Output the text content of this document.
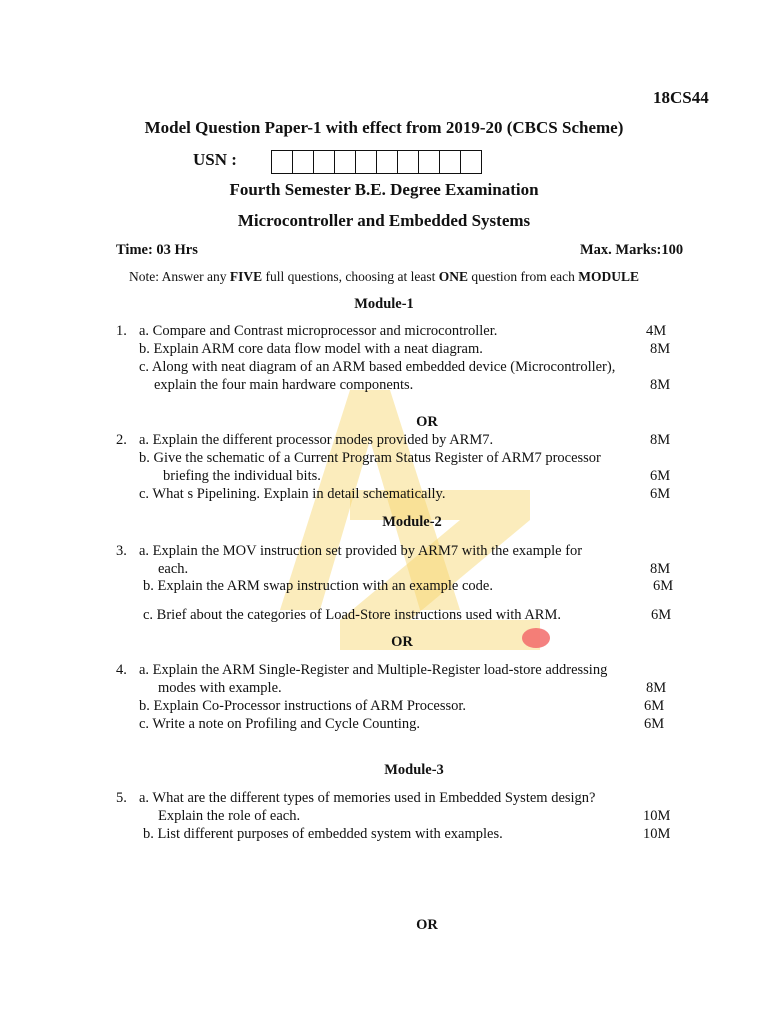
18CS44
Model Question Paper-1 with effect from 2019-20 (CBCS Scheme)
USN :
Fourth Semester B.E. Degree Examination
Microcontroller and Embedded Systems
Time: 03 Hrs	Max. Marks:100
Note: Answer any FIVE full questions, choosing at least ONE question from each MODULE
Module-1
1. a. Compare and Contrast microprocessor and microcontroller.	4M
b. Explain ARM core data flow model with a neat diagram.	8M
c. Along with neat diagram of an ARM based embedded device (Microcontroller),
explain the four main hardware components.	8M
OR
2. a. Explain the different processor modes provided by ARM7.	8M
b. Give the schematic of a Current Program Status Register of ARM7 processor
briefing the individual bits.	6M
c. What s Pipelining. Explain in detail schematically.	6M
Module-2
3. a. Explain the MOV instruction set provided by ARM7 with the example for
each.	8M
b. Explain the ARM swap instruction with an example code.	6M
c. Brief about the categories of Load-Store instructions used with ARM.	6M
OR
4. a. Explain the ARM Single-Register and Multiple-Register load-store addressing
modes with example.	8M
b. Explain Co-Processor instructions of ARM Processor.	6M
c. Write a note on Profiling and Cycle Counting.	6M
Module-3
5. a. What are the different types of memories used in Embedded System design?
Explain the role of each.	10M
b. List different purposes of embedded system with examples.	10M
OR
